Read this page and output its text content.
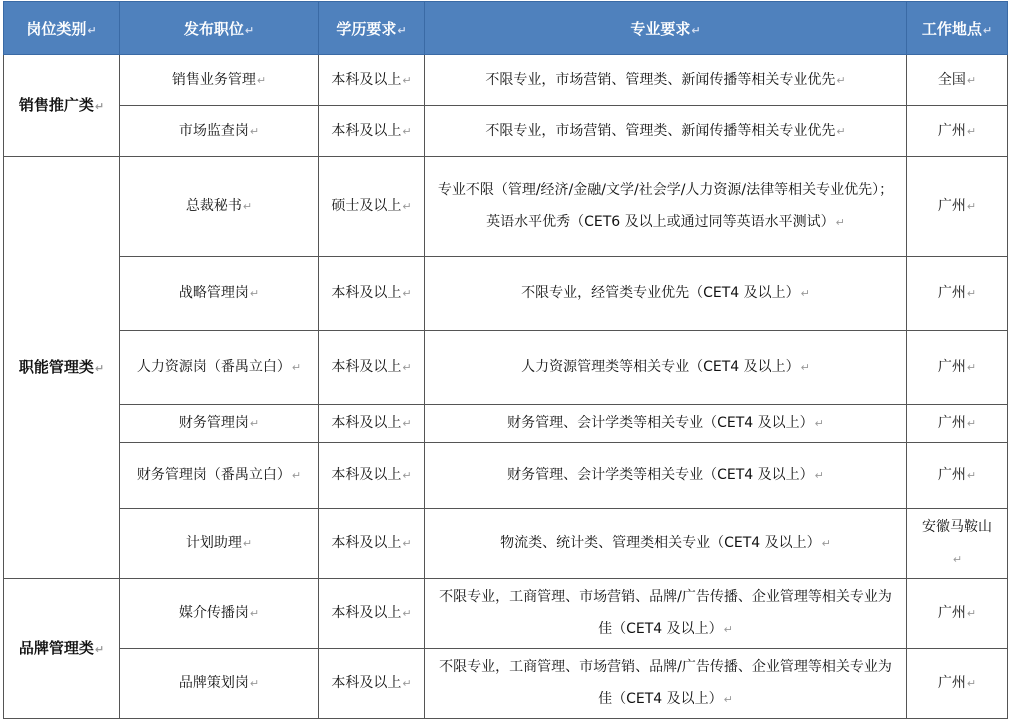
岗位类别↵	发布职位↵	学历要求↵	专业要求↵	工作地点↵
销售推广类↵	销售业务管理↵	本科及以上↵	不限专业，市场营销、管理类、新闻传播等相关专业优先↵	全国↵
	市场监查岗↵	本科及以上↵	不限专业，市场营销、管理类、新闻传播等相关专业优先↵	广州↵
职能管理类↵	总裁秘书↵	硕士及以上↵	专业不限（管理/经济/金融/文学/社会学/人力资源/法律等相关专业优先）；英语水平优秀（CET6 及以上或通过同等英语水平测试）↵	广州↵
	战略管理岗↵	本科及以上↵	不限专业，经管类专业优先（CET4 及以上）↵	广州↵
	人力资源岗（番禺立白）↵	本科及以上↵	人力资源管理类等相关专业（CET4 及以上）↵	广州↵
	财务管理岗↵	本科及以上↵	财务管理、会计学类等相关专业（CET4 及以上）↵	广州↵
	财务管理岗（番禺立白）↵	本科及以上↵	财务管理、会计学类等相关专业（CET4 及以上）↵	广州↵
	计划助理↵	本科及以上↵	物流类、统计类、管理类相关专业（CET4 及以上）↵	安徽马鞍山↵
品牌管理类↵	媒介传播岗↵	本科及以上↵	不限专业，工商管理、市场营销、品牌/广告传播、企业管理等相关专业为佳（CET4 及以上）↵	广州↵
	品牌策划岗↵	本科及以上↵	不限专业，工商管理、市场营销、品牌/广告传播、企业管理等相关专业为佳（CET4 及以上）↵	广州↵
